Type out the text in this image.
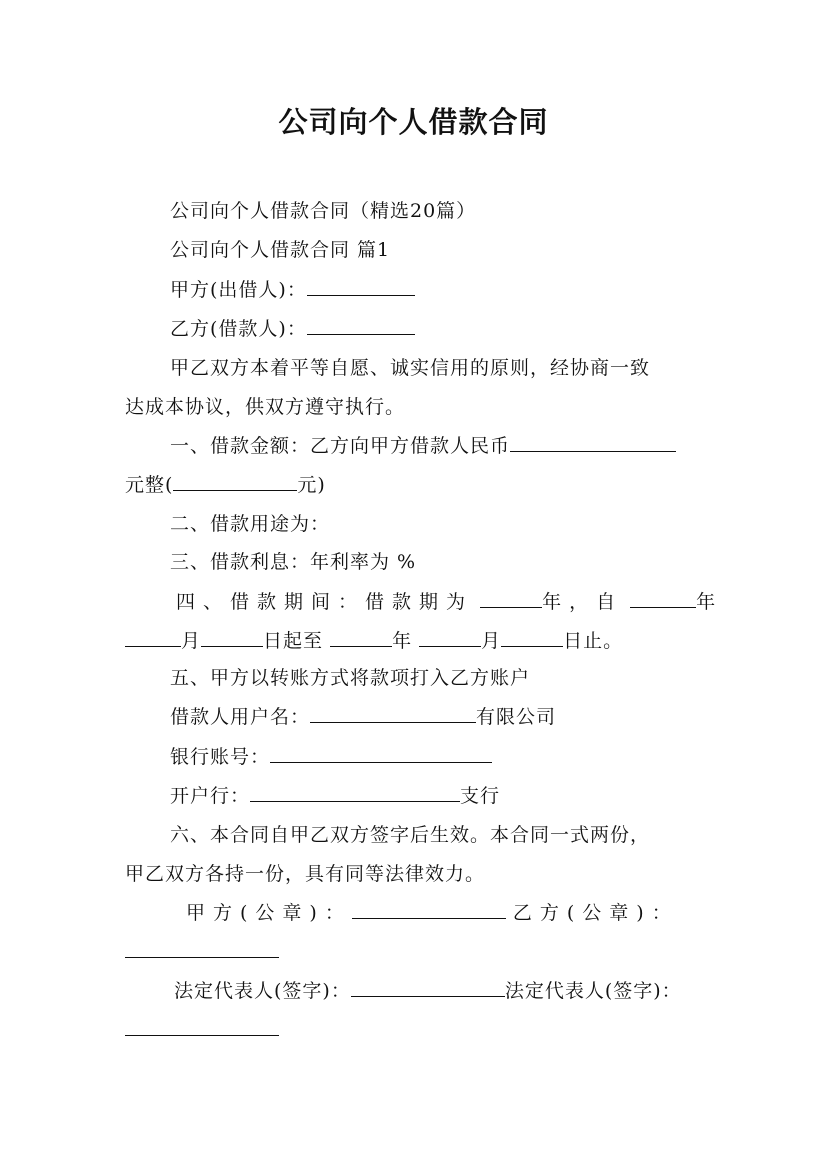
公司向个人借款合同
公司向个人借款合同（精选20篇）
公司向个人借款合同 篇1
甲方(出借人)：
乙方(借款人)：
甲乙双方本着平等自愿、诚实信用的原则，经协商一致
达成本协议，供双方遵守执行。
一、借款金额：乙方向甲方借款人民币
元整(	元)
二、借款用途为：
三、借款利息：年利率为 %
四、借款期间：借款期为	年，自	年
月	日起至	年	月	日止。
五、甲方以转账方式将款项打入乙方账户
借款人用户名：	有限公司
银行账号：
开户行：	支行
六、本合同自甲乙双方签字后生效。本合同一式两份，
甲乙双方各持一份，具有同等法律效力。
甲方(公章)：	乙方(公章)：
法定代表人(签字)：	法定代表人(签字)：
